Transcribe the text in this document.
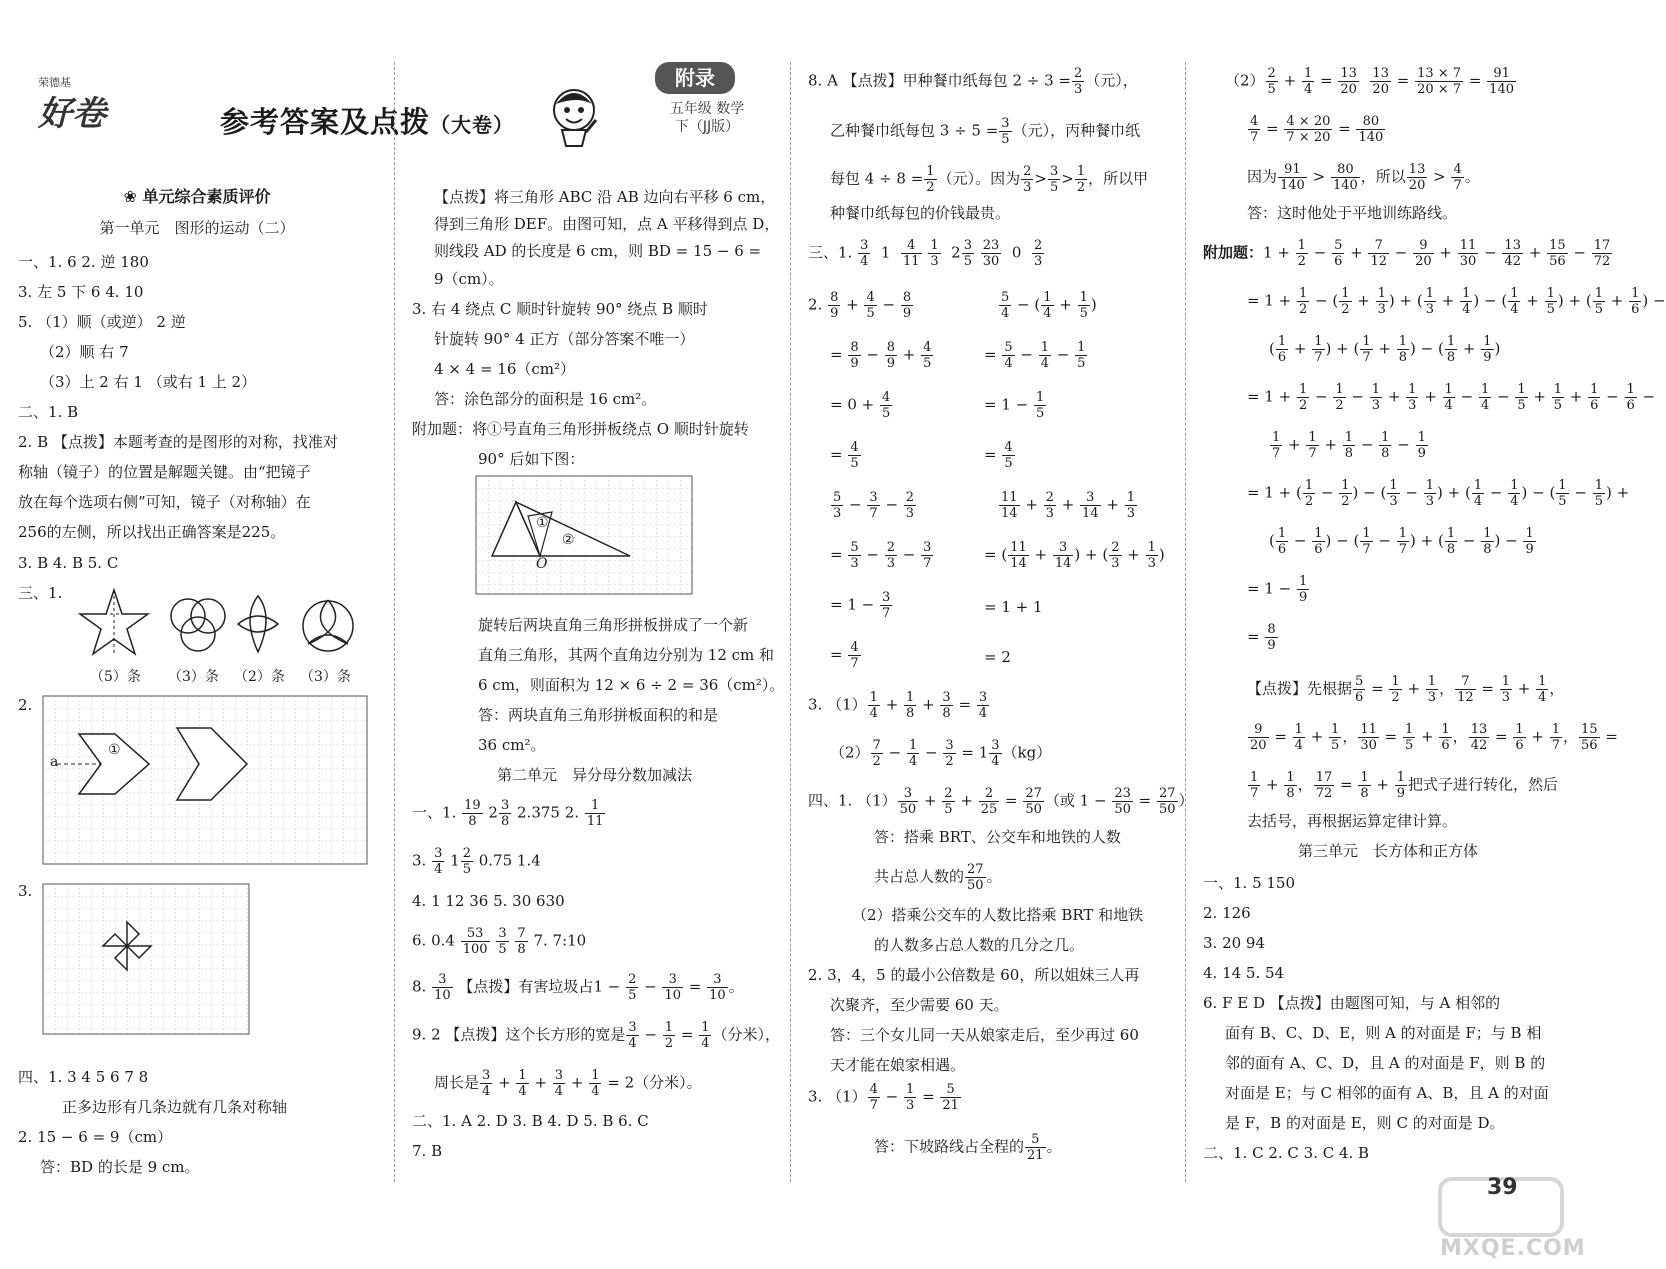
荣德基
好卷	参考答案及点拨（大卷）
附录
五年级 数学
下（JJ版）
❀ 单元综合素质评价
第一单元　图形的运动（二）
一、1. 6 2. 逆 180
3. 左 5 下 6 4. 10
5. （1）顺（或逆） 2 逆
（2）顺 右 7
（3）上 2 右 1 （或右 1 上 2）
二、1. B
2. B 【点拨】本题考查的是图形的对称，找准对
称轴（镜子）的位置是解题关键。由“把镜子
放在每个选项右侧”可知，镜子（对称轴）在
256的左侧，所以找出正确答案是225。
3. B 4. B 5. C
三、1.
（5）条 （3）条 （2）条 （3）条
2.
a
①
3.
四、1. 3 4 5 6 7 8
正多边形有几条边就有几条对称轴
2. 15 − 6 = 9（cm）
答：BD 的长是 9 cm。
【点拨】将三角形 ABC 沿 AB 边向右平移 6 cm，
得到三角形 DEF。由图可知，点 A 平移得到点 D，
则线段 AD 的长度是 6 cm，则 BD = 15 − 6 =
9（cm）。
3. 右 4 绕点 C 顺时针旋转 90° 绕点 B 顺时
针旋转 90° 4 正方（部分答案不唯一）
4 × 4 = 16（cm²）
答：涂色部分的面积是 16 cm²。
附加题：将①号直角三角形拼板绕点 O 顺时针旋转
90° 后如下图：
①
②
O
旋转后两块直角三角形拼板拼成了一个新
直角三角形，其两个直角边分别为 12 cm 和
6 cm，则面积为 12 × 6 ÷ 2 = 36（cm²）。
答：两块直角三角形拼板面积的和是
36 cm²。
第二单元　异分母分数加减法
一、1. $\frac{19}{8} 2 \frac{3}{8} 2.375$ 2. $\frac{1}{11}$
3. $\frac{3}{4} 1 \frac{2}{5} 0.75$ 1.4
4. 1 12 36 5. 30 630
6. $0.4 \frac{53}{100}$
$\frac{3}{5}$
$\frac{7}{8} 7$. 7:10
8. $\frac{3}{10}$ 【点拨】有害垃圾占$1 - \frac{2}{5} - \frac{3}{10} = \frac{3}{10}$ 。
9. 2 【点拨】这个长方形的宽是 $\frac{3}{4} - \frac{1}{2} = \frac{1}{4}$ （分米），
周长是 $\frac{3}{4} + \frac{1}{4} + \frac{3}{4} + \frac{1}{4} = 2$（分米）。
二、1. A 2. D 3. B 4. D 5. B 6. C
7. B
8. A 【点拨】甲种餐巾纸每包 $2 \div 3 = \frac{2}{3}$ （元），
乙种餐巾纸每包 $3 \div 5 = \frac{3}{5}$ （元），丙种餐巾纸
每包 $4 \div 8 = \frac{1}{2}$ （元）。因为 $\frac{2}{3} > \frac{3}{5} > \frac{1}{2}$ ，所以甲
种餐巾纸每包的价钱最贵。
三、1. $\frac{3}{4} 1 \frac{4}{11}$
$\frac{1}{3} 2 \frac{3}{5}$
$\frac{23}{30} 0 \frac{2}{3}$
2. $\frac{8}{9} + \frac{4}{5} - \frac{8}{9}$	$\frac{5}{4}$ − ( $\frac{1}{4} + \frac{1}{5}$ )
= $\frac{8}{9} - \frac{8}{9} + \frac{4}{5}$	= $\frac{5}{4} - \frac{1}{4} - \frac{1}{5}$
= $0 + \frac{4}{5}$	= $1 - \frac{1}{5}$
= $\frac{4}{5}$	= $\frac{4}{5}$
$\frac{5}{3} - \frac{3}{7} - \frac{2}{3}$	$\frac{11}{14} + \frac{2}{3} + \frac{3}{14} + \frac{1}{3}$
= $\frac{5}{3} - \frac{2}{3} - \frac{3}{7}$	= ( $\frac{11}{14} + \frac{3}{14}$ ) + ( $\frac{2}{3} + \frac{1}{3}$ )
= $1 - \frac{3}{7}$	= 1 + 1
= $\frac{4}{7}$	= 2
3. $(1) \frac{1}{4} + \frac{1}{8} + \frac{3}{8} = \frac{3}{4}$
$(2) \frac{7}{2} - \frac{1}{4} - \frac{3}{2} = 1 \frac{3}{4} (kg)$
四、1. $(1) \frac{3}{50} + \frac{2}{5} + \frac{2}{25} = \frac{27}{50}$ （或 $1 - \frac{23}{50} = \frac{27}{50}$ ）
答：搭乘 BRT、公交车和地铁的人数
共占总人数的 $\frac{27}{50}$ 。
（2）搭乘公交车的人数比搭乘 BRT 和地铁
的人数多占总人数的几分之几。
2. 3，4，5 的最小公倍数是 60，所以姐妹三人再
次聚齐，至少需要 60 天。
答：三个女儿同一天从娘家走后，至少再过 60
天才能在娘家相遇。
3. $(1) \frac{4}{7} - \frac{1}{3} = \frac{5}{21}$
答：下坡路线占全程的 $\frac{5}{21}$ 。
$(2) \frac{2}{5} + \frac{1}{4} = \frac{13}{20}$
$\frac{13}{20} = \frac{13 \times 7}{20 \times 7} = \frac{91}{140}$
$\frac{4}{7} = \frac{4 \times 20}{7 \times 20} = \frac{80}{140}$
因为 $\frac{91}{140} > \frac{80}{140}$ ，所以 $\frac{13}{20} > \frac{4}{7}$ 。
答：这时他处于平地训练路线。
附加题：$1 + \frac{1}{2} - \frac{5}{6} + \frac{7}{12} - \frac{9}{20} + \frac{11}{30} - \frac{13}{42} + \frac{15}{56} - \frac{17}{72}$
= $1 + \frac{1}{2}$ − ( $\frac{1}{2} + \frac{1}{3}$ ) + ( $\frac{1}{3} + \frac{1}{4}$ ) − ( $\frac{1}{4} + \frac{1}{5}$ ) + ( $\frac{1}{5} + \frac{1}{6}$ ) −
( $\frac{1}{6} + \frac{1}{7}$ ) + ( $\frac{1}{7} + \frac{1}{8}$ ) − ( $\frac{1}{8} + \frac{1}{9}$ )
= $1 + \frac{1}{2} - \frac{1}{2} - \frac{1}{3} + \frac{1}{3} + \frac{1}{4} - \frac{1}{4} - \frac{1}{5} + \frac{1}{5} + \frac{1}{6} - \frac{1}{6}$ −
$\frac{1}{7} + \frac{1}{7} + \frac{1}{8} - \frac{1}{8} - \frac{1}{9}$
= 1 + ( $\frac{1}{2} - \frac{1}{2}$ ) − ( $\frac{1}{3} - \frac{1}{3}$ ) + ( $\frac{1}{4} - \frac{1}{4}$ ) − ( $\frac{1}{5} - \frac{1}{5}$ ) +
( $\frac{1}{6} - \frac{1}{6}$ ) − ( $\frac{1}{7} - \frac{1}{7}$ ) + ( $\frac{1}{8} - \frac{1}{8}$ ) − $\frac{1}{9}$
= $1 - \frac{1}{9}$
= $\frac{8}{9}$
【点拨】先根据 $\frac{5}{6} = \frac{1}{2} + \frac{1}{3}$ ， $\frac{7}{12} = \frac{1}{3} + \frac{1}{4}$ ，
$\frac{9}{20} = \frac{1}{4} + \frac{1}{5}$ ， $\frac{11}{30} = \frac{1}{5} + \frac{1}{6}$ ， $\frac{13}{42} = \frac{1}{6} + \frac{1}{7}$ ， $\frac{15}{56}$ =
$\frac{1}{7} + \frac{1}{8}$ ， $\frac{17}{72} = \frac{1}{8} + \frac{1}{9}$ 把式子进行转化，然后
去括号，再根据运算定律计算。
第三单元　长方体和正方体
一、1. 5 150
2. 126
3. 20 94
4. 14 5. 54
6. F E D 【点拨】由题图可知，与 A 相邻的
面有 B、C、D、E，则 A 的对面是 F；与 B 相
邻的面有 A、C、D，且 A 的对面是 F，则 B 的
对面是 E；与 C 相邻的面有 A、B，且 A 的对面
是 F，B 的对面是 E，则 C 的对面是 D。
二、1. C 2. C 3. C 4. B
39
MXQE.COM
